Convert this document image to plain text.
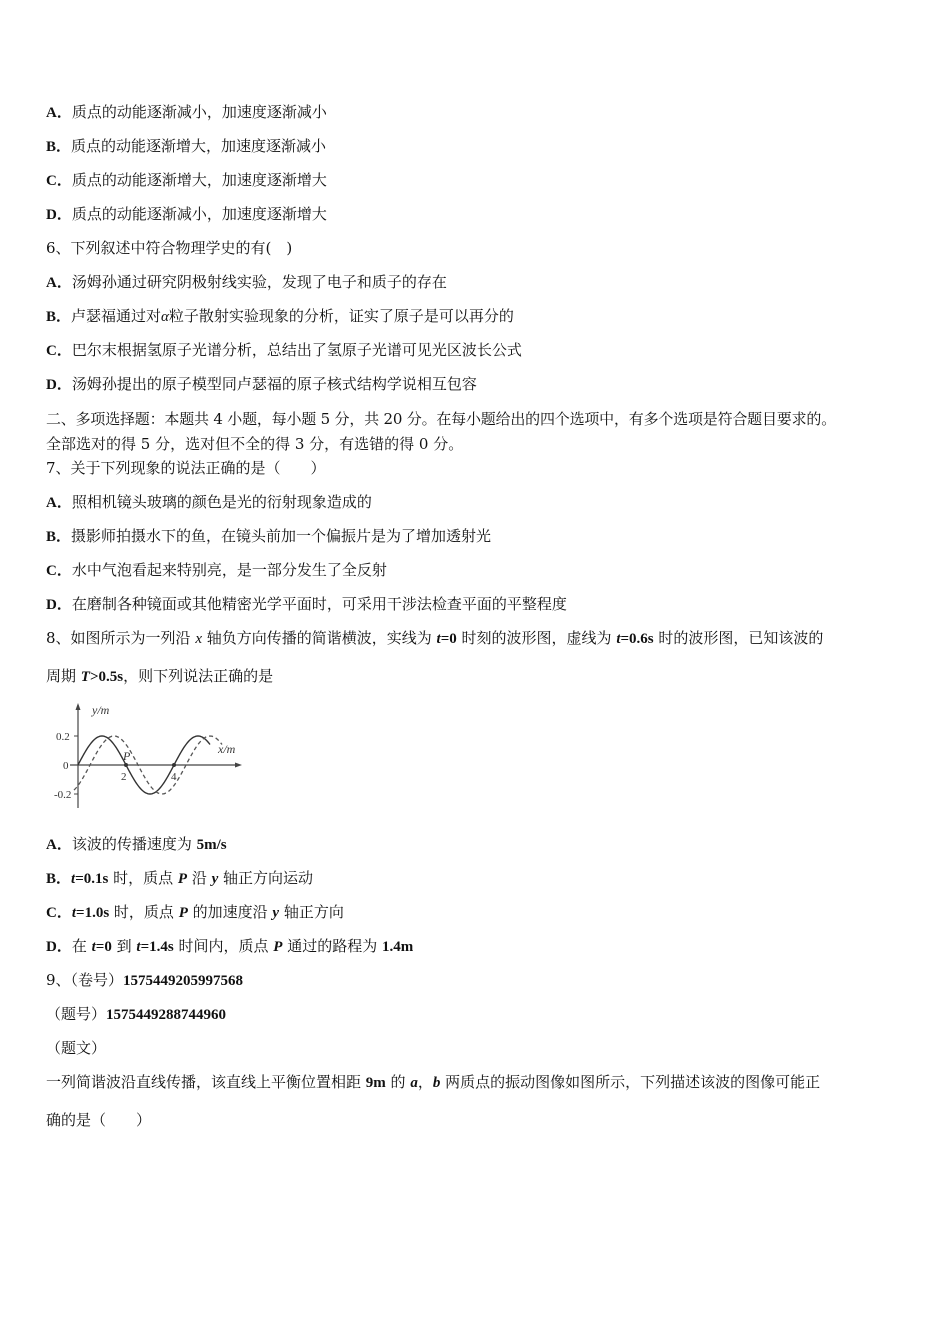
A．质点的动能逐渐减小，加速度逐渐减小
B．质点的动能逐渐增大，加速度逐渐减小
C．质点的动能逐渐增大，加速度逐渐增大
D．质点的动能逐渐减小，加速度逐渐增大
6、下列叙述中符合物理学史的有(　)
A．汤姆孙通过研究阴极射线实验，发现了电子和质子的存在
B．卢瑟福通过对α粒子散射实验现象的分析，证实了原子是可以再分的
C．巴尔末根据氢原子光谱分析，总结出了氢原子光谱可见光区波长公式
D．汤姆孙提出的原子模型同卢瑟福的原子核式结构学说相互包容
二、多项选择题：本题共 4 小题，每小题 5 分，共 20 分。在每小题给出的四个选项中，有多个选项是符合题目要求的。
全部选对的得 5 分，选对但不全的得 3 分，有选错的得 0 分。
7、关于下列现象的说法正确的是（　　）
A．照相机镜头玻璃的颜色是光的衍射现象造成的
B．摄影师拍摄水下的鱼，在镜头前加一个偏振片是为了增加透射光
C．水中气泡看起来特别亮，是一部分发生了全反射
D．在磨制各种镜面或其他精密光学平面时，可采用干涉法检查平面的平整程度
8、如图所示为一列沿 x 轴负方向传播的简谐横波，实线为 t=0 时刻的波形图，虚线为 t=0.6s 时的波形图，已知该波的
周期 T>0.5s，则下列说法正确的是
y/m
x/m
0.2
0
-0.2
2	4
P
A．该波的传播速度为 5m/s
B．t=0.1s 时，质点 P 沿 y 轴正方向运动
C．t=1.0s 时，质点 P 的加速度沿 y 轴正方向
D．在 t=0 到 t=1.4s 时间内，质点 P 通过的路程为 1.4m
9、（卷号）1575449205997568
（题号）1575449288744960
（题文）
一列简谐波沿直线传播，该直线上平衡位置相距 9m 的 a，b 两质点的振动图像如图所示，下列描述该波的图像可能正
确的是（　　）
